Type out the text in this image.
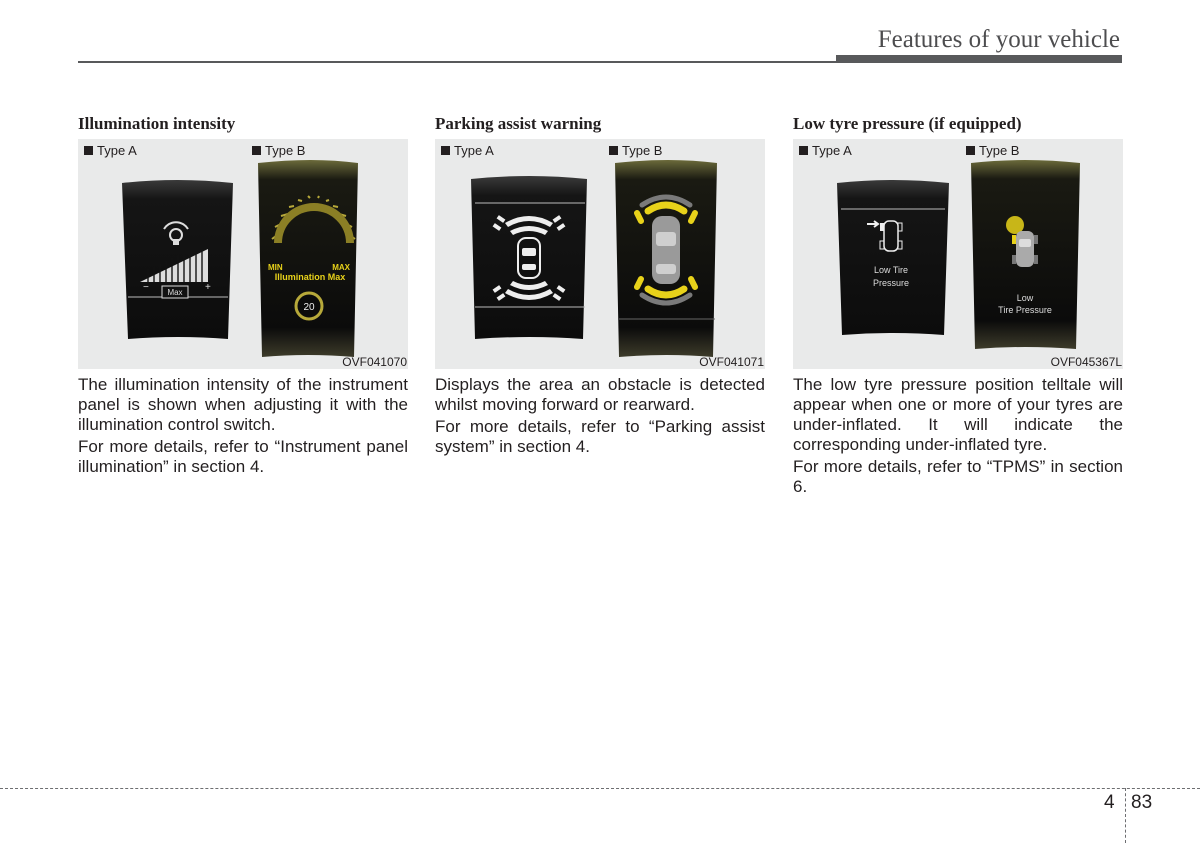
Features of your vehicle
Illumination intensity
−	+
Max
MIN	MAX
Illumination Max
20
Type A	Type B
OVF041070

The illumination intensity of the instrument panel is shown when adjusting it with the illumination control switch.

For more details, refer to “Instrument panel illumination” in section 4.

Parking assist warning
Type A	Type B
OVF041071

Displays the area an obstacle is detected whilst moving forward or rearward.

For more details, refer to “Parking assist system” in section 4.

Low tyre pressure (if equipped)
Low Tire
Pressure
Low
Tire Pressure
Type A	Type B
OVF045367L

The low tyre pressure position telltale will appear when one or more of your tyres are under-inflated. It will indicate the corresponding under-inflated tyre.

For more details, refer to “TPMS” in section 6.

4 83
